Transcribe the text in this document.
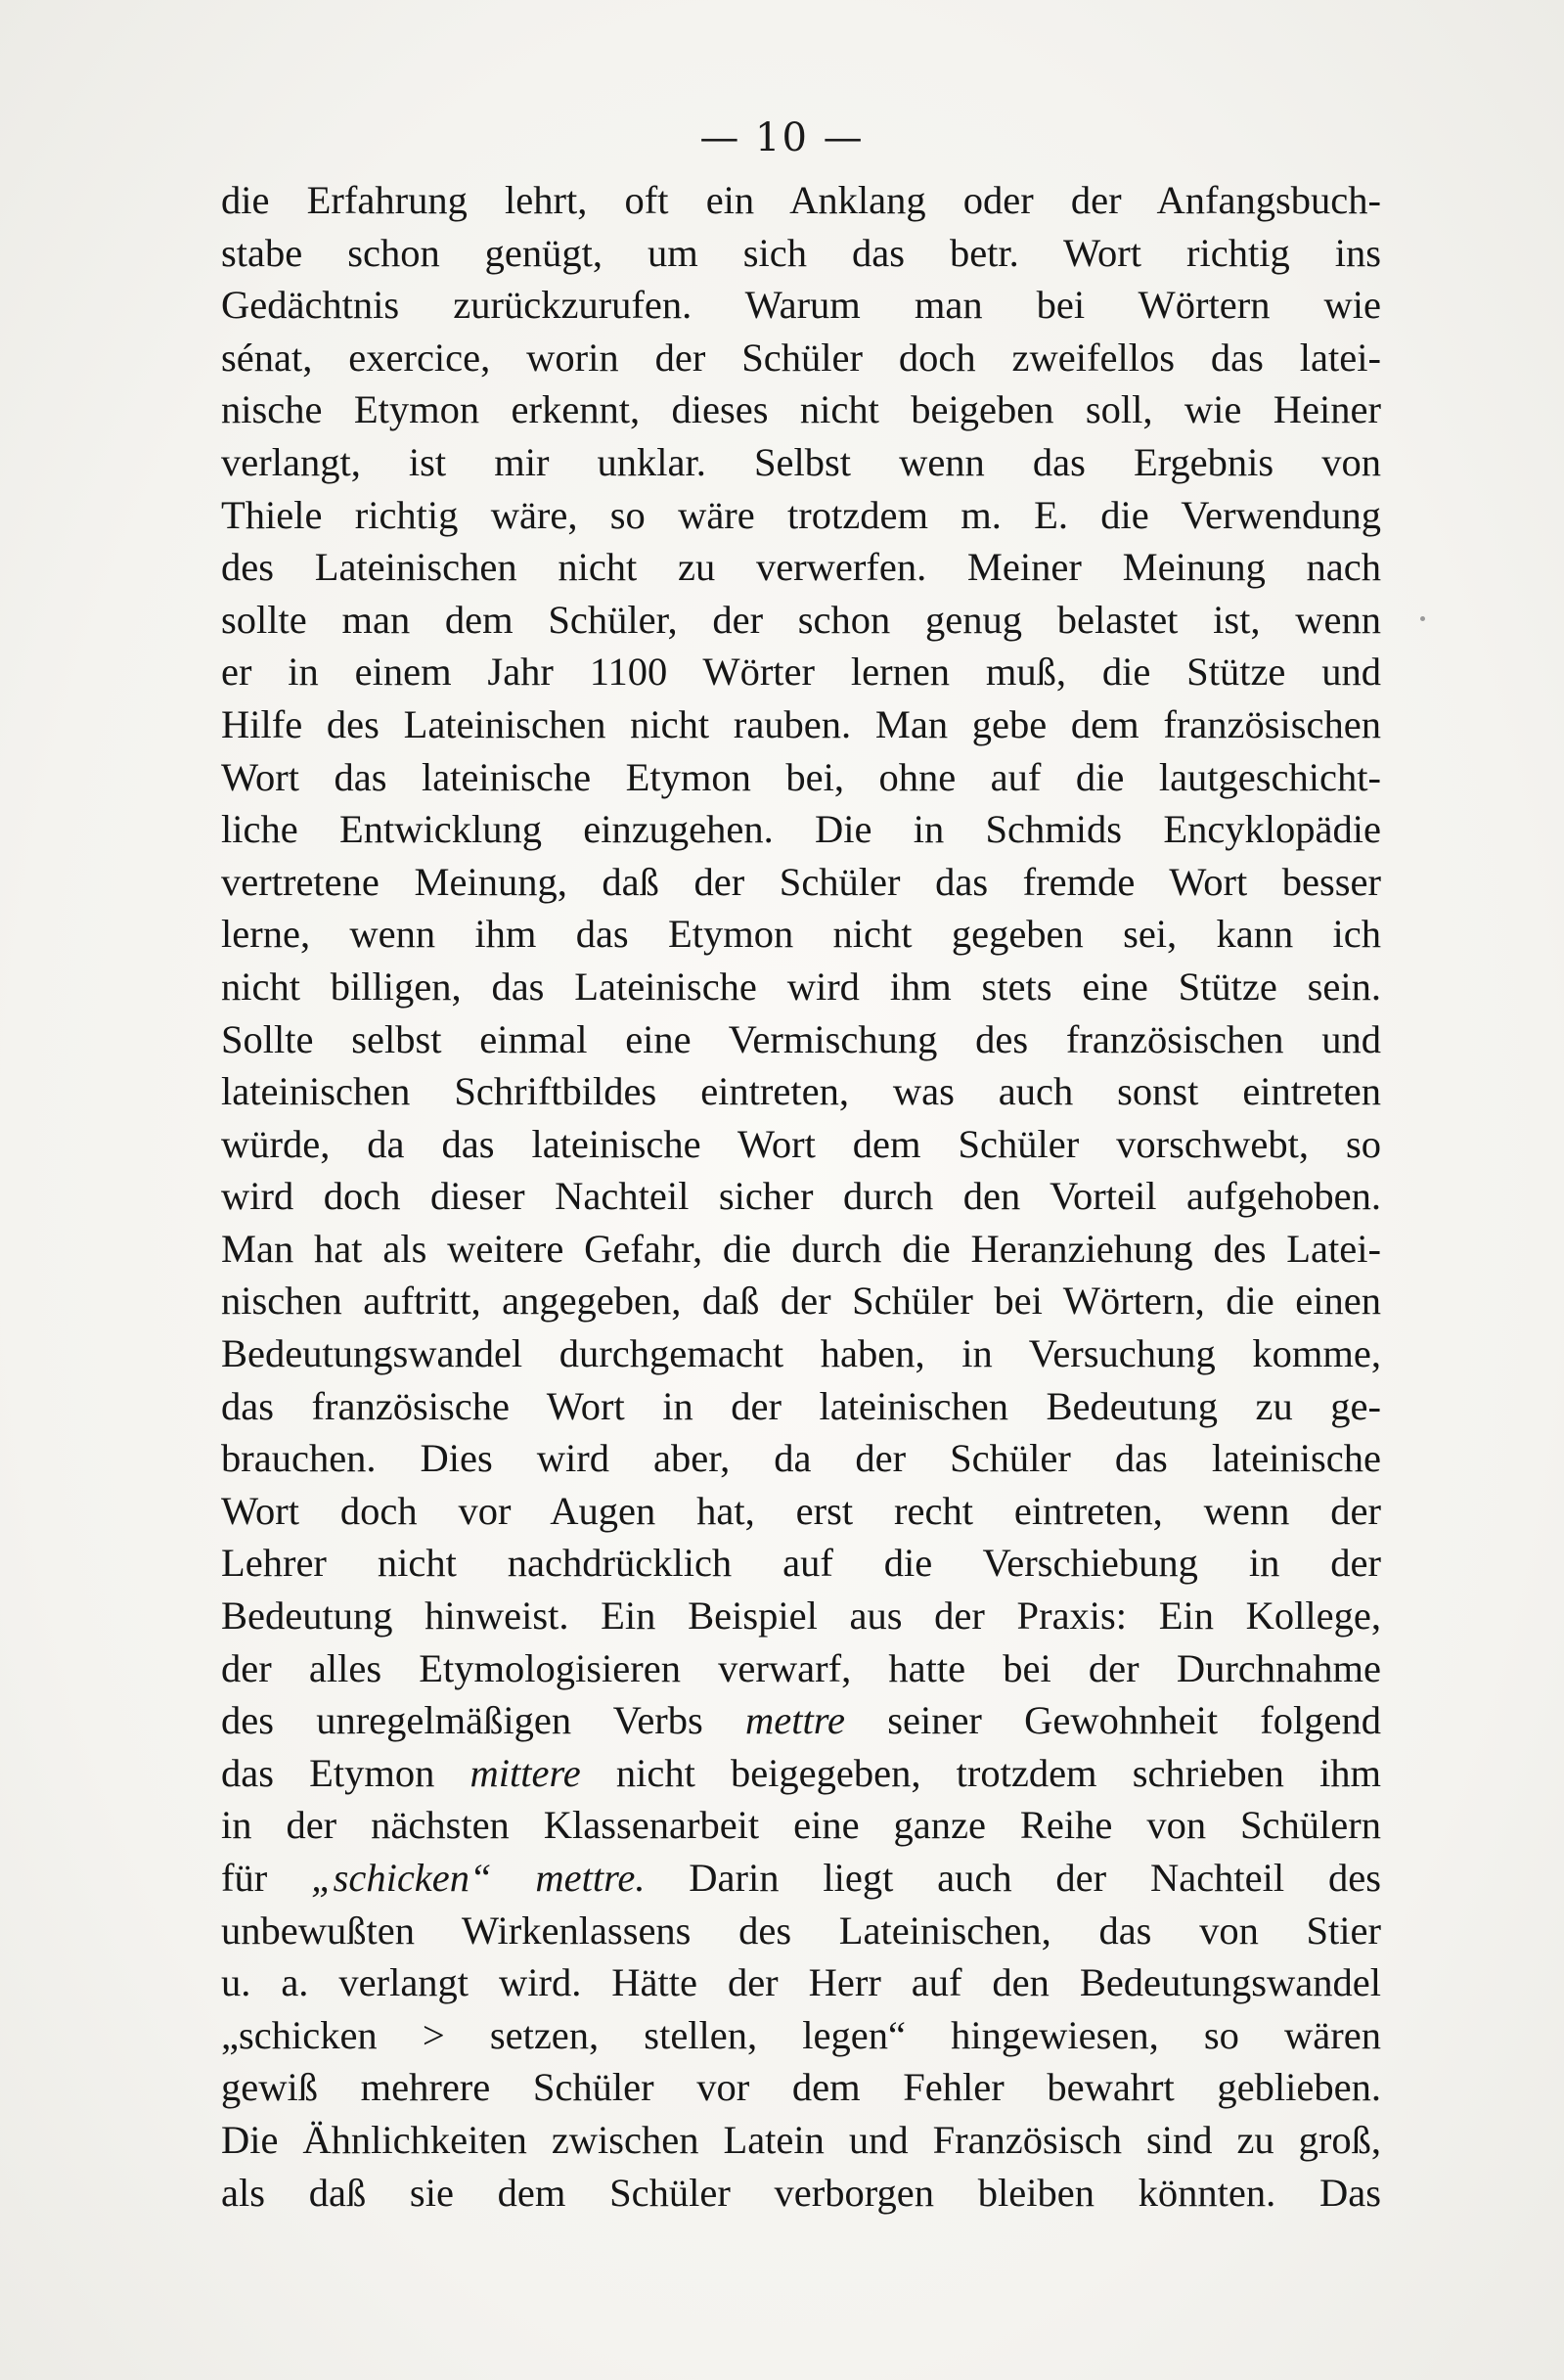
— 10 —
die Erfahrung lehrt, oft ein Anklang oder der Anfangsbuch-
stabe schon genügt, um sich das betr. Wort richtig ins
Gedächtnis zurückzurufen. Warum man bei Wörtern wie
sénat, exercice, worin der Schüler doch zweifellos das latei-
nische Etymon erkennt, dieses nicht beigeben soll, wie Heiner
verlangt, ist mir unklar. Selbst wenn das Ergebnis von
Thiele richtig wäre, so wäre trotzdem m. E. die Verwendung
des Lateinischen nicht zu verwerfen. Meiner Meinung nach
sollte man dem Schüler, der schon genug belastet ist, wenn
er in einem Jahr 1100 Wörter lernen muß, die Stütze und
Hilfe des Lateinischen nicht rauben. Man gebe dem französischen
Wort das lateinische Etymon bei, ohne auf die lautgeschicht-
liche Entwicklung einzugehen. Die in Schmids Encyklopädie
vertretene Meinung, daß der Schüler das fremde Wort besser
lerne, wenn ihm das Etymon nicht gegeben sei, kann ich
nicht billigen, das Lateinische wird ihm stets eine Stütze sein.
Sollte selbst einmal eine Vermischung des französischen und
lateinischen Schriftbildes eintreten, was auch sonst eintreten
würde, da das lateinische Wort dem Schüler vorschwebt, so
wird doch dieser Nachteil sicher durch den Vorteil aufgehoben.
Man hat als weitere Gefahr, die durch die Heranziehung des Latei-
nischen auftritt, angegeben, daß der Schüler bei Wörtern, die einen
Bedeutungswandel durchgemacht haben, in Versuchung komme,
das französische Wort in der lateinischen Bedeutung zu ge-
brauchen. Dies wird aber, da der Schüler das lateinische
Wort doch vor Augen hat, erst recht eintreten, wenn der
Lehrer nicht nachdrücklich auf die Verschiebung in der
Bedeutung hinweist. Ein Beispiel aus der Praxis: Ein Kollege,
der alles Etymologisieren verwarf, hatte bei der Durchnahme
des unregelmäßigen Verbs mettre seiner Gewohnheit folgend
das Etymon mittere nicht beigegeben, trotzdem schrieben ihm
in der nächsten Klassenarbeit eine ganze Reihe von Schülern
für „schicken“ mettre. Darin liegt auch der Nachteil des
unbewußten Wirkenlassens des Lateinischen, das von Stier
u. a. verlangt wird. Hätte der Herr auf den Bedeutungswandel
„schicken > setzen, stellen, legen“ hingewiesen, so wären
gewiß mehrere Schüler vor dem Fehler bewahrt geblieben.
Die Ähnlichkeiten zwischen Latein und Französisch sind zu groß,
als daß sie dem Schüler verborgen bleiben könnten. Das
